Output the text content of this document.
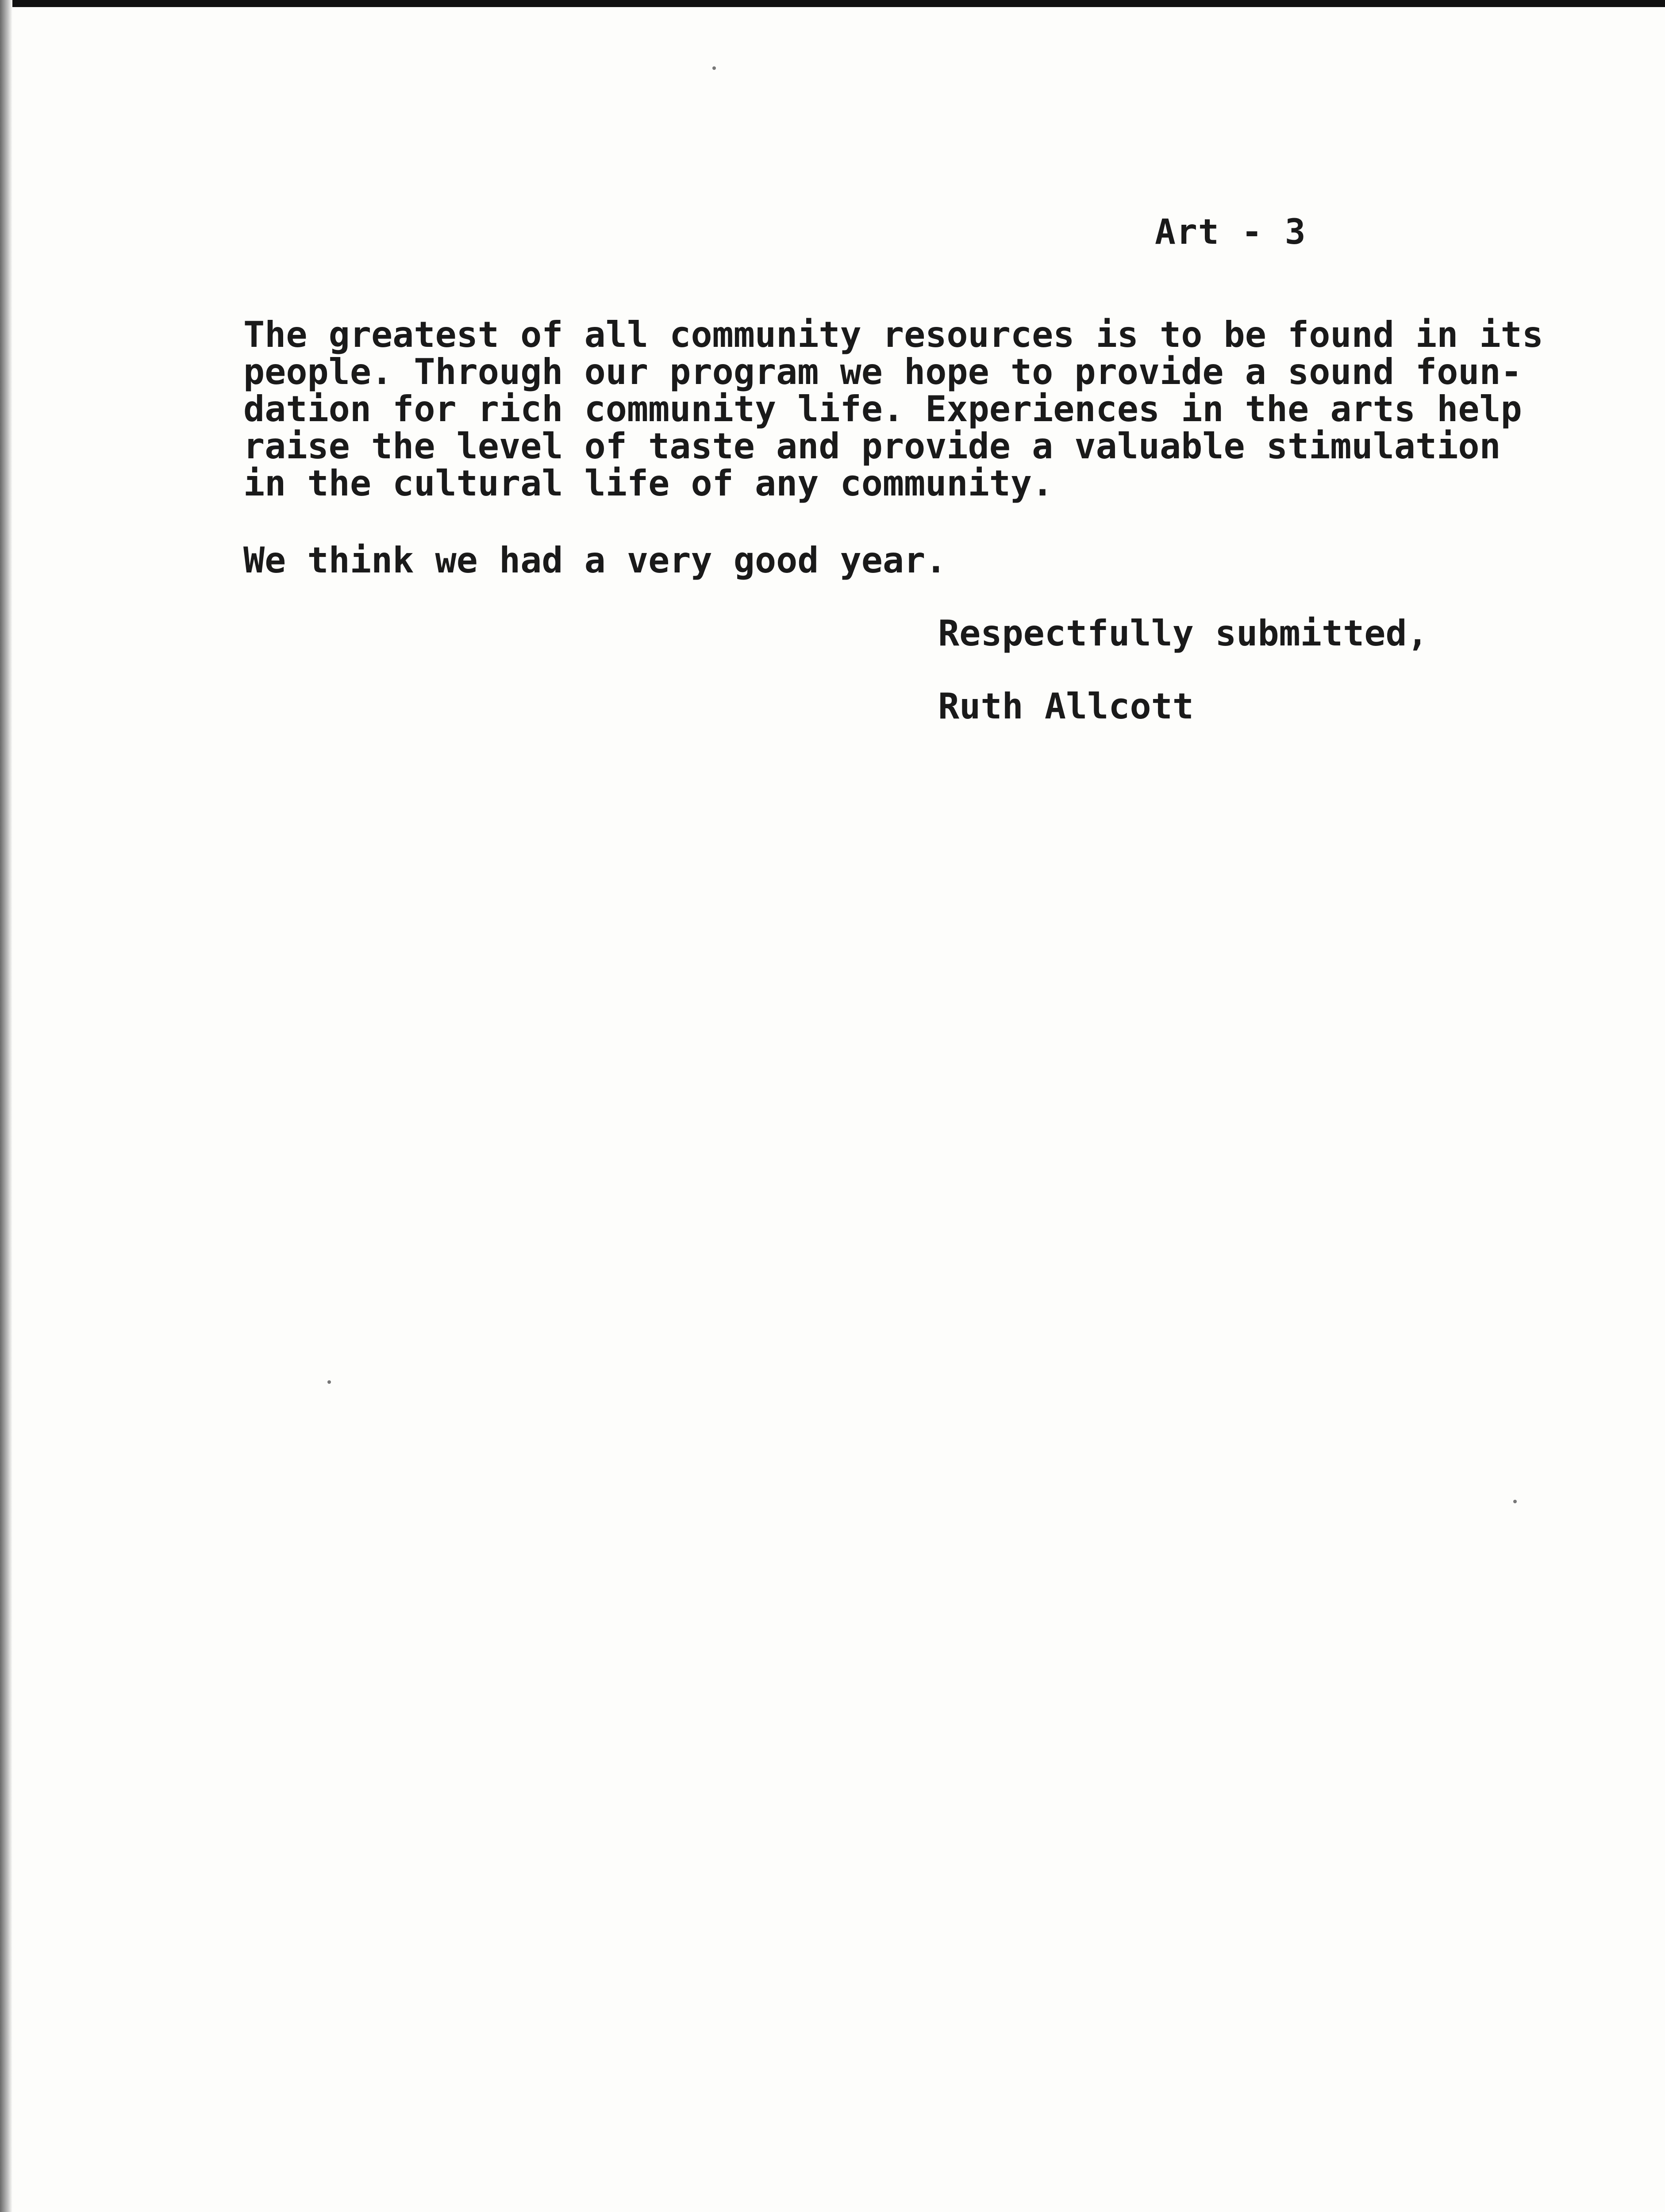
Art - 3

The greatest of all community resources is to be found in its
people. Through our program we hope to provide a sound foun-
dation for rich community life. Experiences in the arts help
raise the level of taste and provide a valuable stimulation
in the cultural life of any community.

We think we had a very good year.

Respectfully submitted,

Ruth Allcott
